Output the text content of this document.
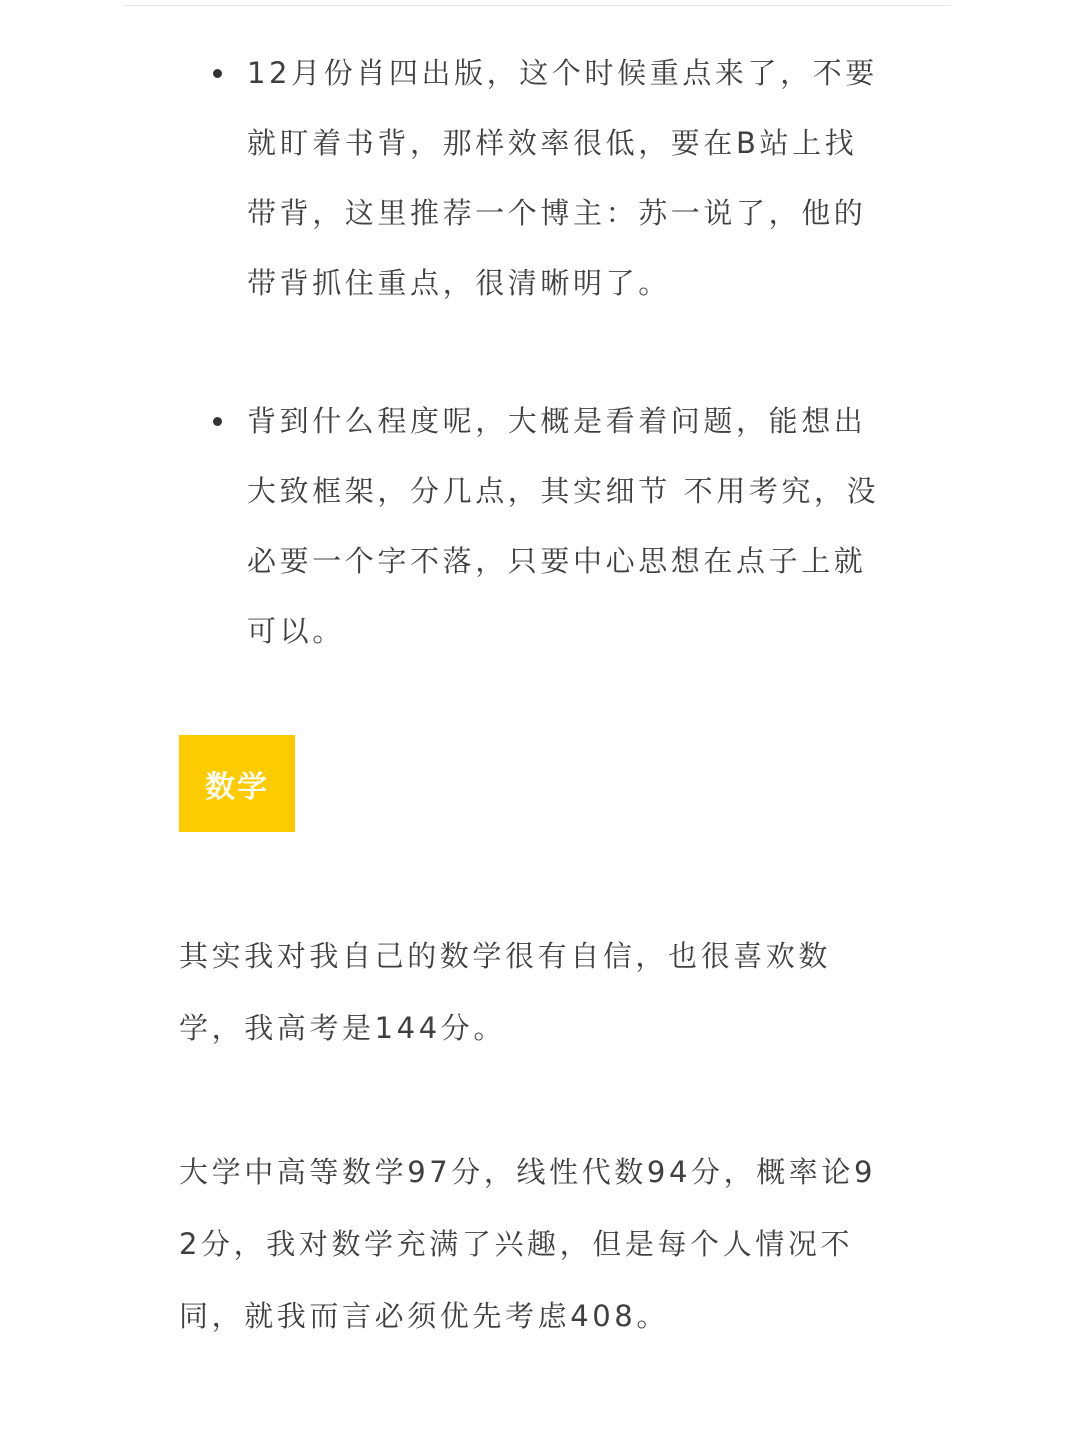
12月份肖四出版，这个时候重点来了，不要就盯着书背，那样效率很低，要在B站上找带背，这里推荐一个博主：苏一说了，他的带背抓住重点，很清晰明了。
背到什么程度呢，大概是看着问题，能想出大致框架，分几点，其实细节 不用考究，没必要一个字不落，只要中心思想在点子上就可以。
数学

其实我对我自己的数学很有自信，也很喜欢数学，我高考是144分。

大学中高等数学97分，线性代数94分，概率论92分，我对数学充满了兴趣，但是每个人情况不同，就我而言必须优先考虑408。
